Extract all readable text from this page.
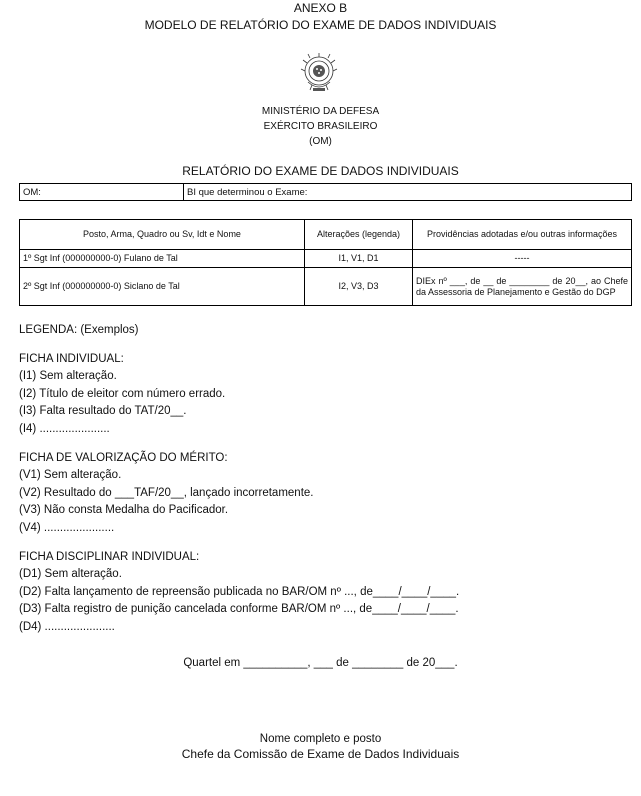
ANEXO B
MODELO DE RELATÓRIO DO EXAME DE DADOS INDIVIDUAIS
MINISTÉRIO DA DEFESA
EXÉRCITO BRASILEIRO
(OM)
RELATÓRIO DO EXAME DE DADOS INDIVIDUAIS
OM:	BI que determinou o Exame:
Posto, Arma, Quadro ou Sv, Idt e Nome	Alterações (legenda)	Providências adotadas e/ou outras informações
1º Sgt Inf (000000000-0) Fulano de Tal	I1, V1, D1	-----
2º Sgt Inf (000000000-0) Siclano de Tal	I2, V3, D3	DIEx nº ___, de __ de ________ de 20__, ao Chefe da Assessoria de Planejamento e Gestão do DGP
LEGENDA: (Exemplos)
FICHA INDIVIDUAL:
(I1) Sem alteração.
(I2) Título de eleitor com número errado.
(I3) Falta resultado do TAT/20__.
(I4) ......................
FICHA DE VALORIZAÇÃO DO MÉRITO:
(V1) Sem alteração.
(V2) Resultado do ___TAF/20__, lançado incorretamente.
(V3) Não consta Medalha do Pacificador.
(V4) ......................
FICHA DISCIPLINAR INDIVIDUAL:
(D1) Sem alteração.
(D2) Falta lançamento de repreensão publicada no BAR/OM nº ..., de____/____/____.
(D3) Falta registro de punição cancelada conforme BAR/OM nº ..., de____/____/____.
(D4) ......................
Quartel em __________, ___ de ________ de 20___.
Nome completo e posto
Chefe da Comissão de Exame de Dados Individuais
